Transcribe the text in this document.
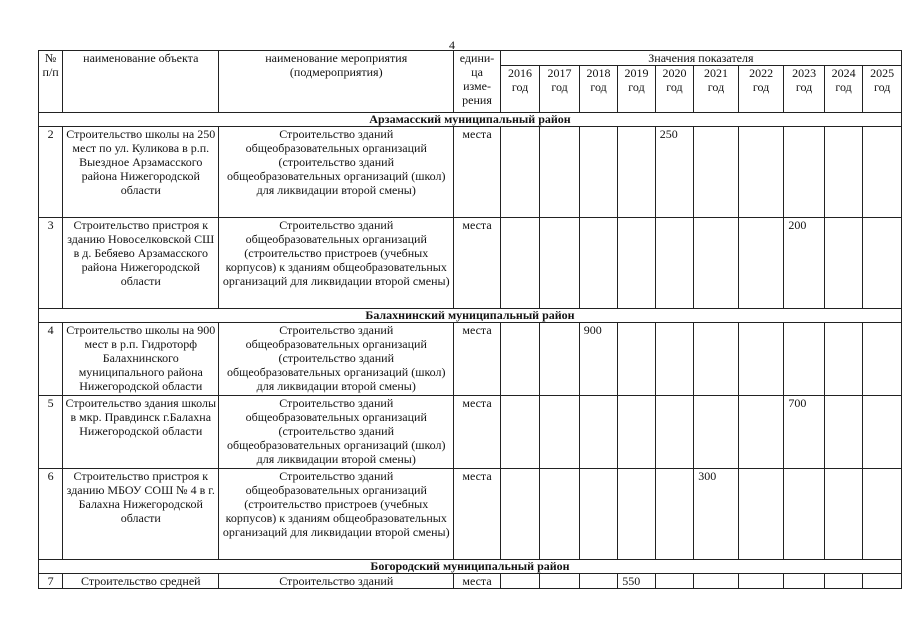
4
№ п/п	наименование объекта	наименование мероприятия (подмероприятия)	едини-ца изме-рения	Значения показателя									
				2016 год	2017 год	2018 год	2019 год	2020 год	2021 год	2022 год	2023 год	2024 год	2025 год
Арзамасский муниципальный район													
2	Строительство школы на 250 мест по ул. Куликова в р.п. Выездное Арзамасского района Нижегородской области	Строительство зданий общеобразовательных организаций (строительство зданий общеобразовательных организаций (школ) для ликвидации второй смены)	места					250					
3	Строительство пристроя к зданию Новоселковской СШ в д. Бебяево Арзамасского района Нижегородской области	Строительство зданий общеобразовательных организаций (строительство пристроев (учебных корпусов) к зданиям общеобразовательных организаций для ликвидации второй смены)	места								200		
Балахнинский муниципальный район													
4	Строительство школы на 900 мест в р.п. Гидроторф Балахнинского муниципального района Нижегородской области	Строительство зданий общеобразовательных организаций (строительство зданий общеобразовательных организаций (школ) для ликвидации второй смены)	места			900							
5	Строительство здания школы в мкр. Правдинск г.Балахна Нижегородской области	Строительство зданий общеобразовательных организаций (строительство зданий общеобразовательных организаций (школ) для ликвидации второй смены)	места								700		
6	Строительство пристроя к зданию МБОУ СОШ № 4 в г. Балахна Нижегородской области	Строительство зданий общеобразовательных организаций (строительство пристроев (учебных корпусов) к зданиям общеобразовательных организаций для ликвидации второй смены)	места						300				
Богородский муниципальный район													
7	Строительство средней	Строительство зданий	места				550						
